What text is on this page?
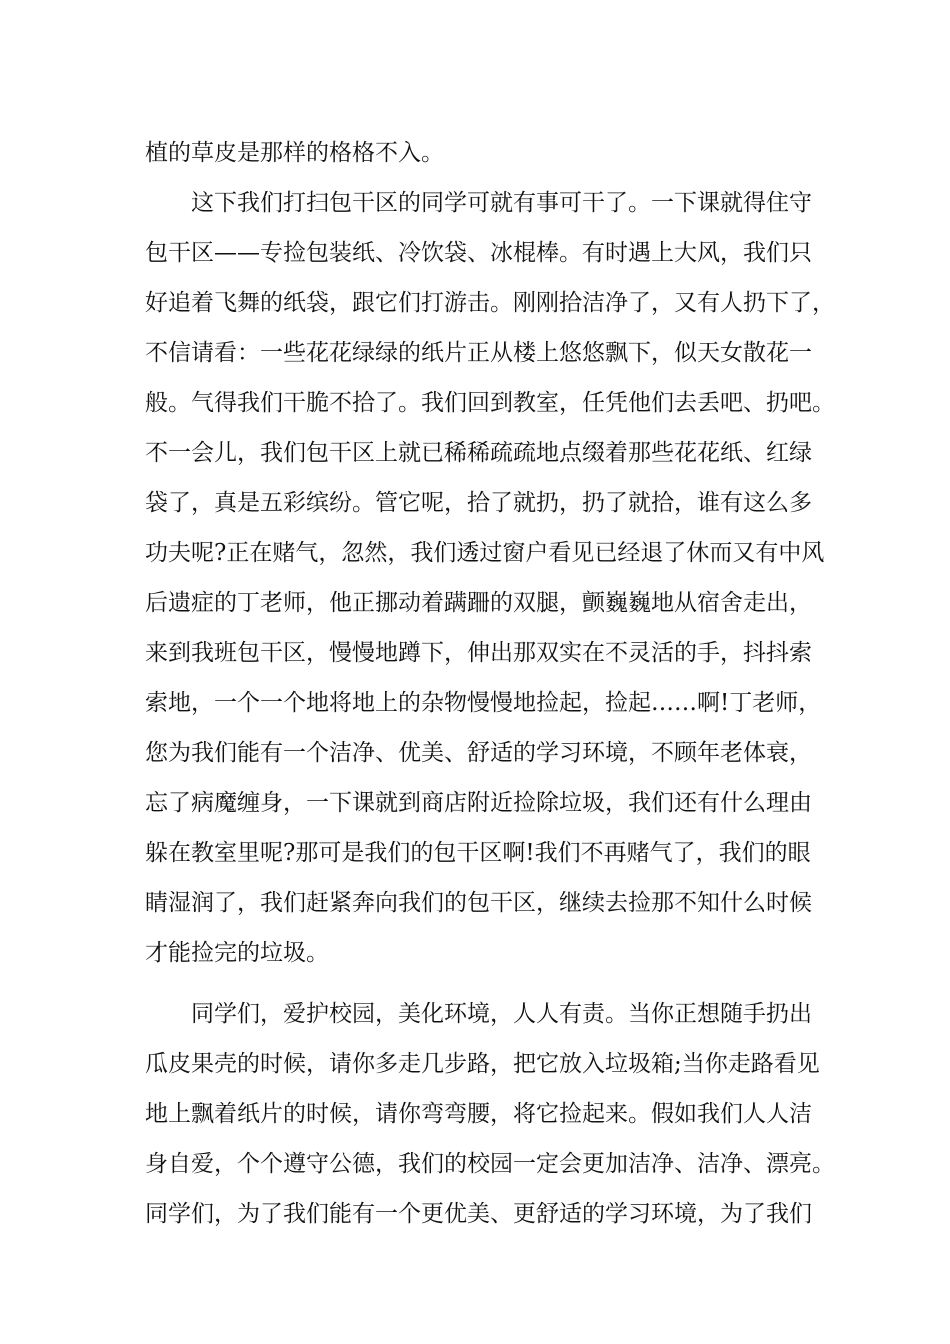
植的草皮是那样的格格不入。
这下我们打扫包干区的同学可就有事可干了。一下课就得住守
包干区——专捡包装纸、冷饮袋、冰棍棒。有时遇上大风，我们只
好追着飞舞的纸袋，跟它们打游击。刚刚拾洁净了，又有人扔下了，
不信请看：一些花花绿绿的纸片正从楼上悠悠飘下，似天女散花一
般。气得我们干脆不拾了。我们回到教室，任凭他们去丢吧、扔吧。
不一会儿，我们包干区上就已稀稀疏疏地点缀着那些花花纸、红绿
袋了，真是五彩缤纷。管它呢，拾了就扔，扔了就拾，谁有这么多
功夫呢?正在赌气，忽然，我们透过窗户看见已经退了休而又有中风
后遗症的丁老师，他正挪动着蹒跚的双腿，颤巍巍地从宿舍走出，
来到我班包干区，慢慢地蹲下，伸出那双实在不灵活的手，抖抖索
索地，一个一个地将地上的杂物慢慢地捡起，捡起……啊!丁老师，
您为我们能有一个洁净、优美、舒适的学习环境，不顾年老体衰，
忘了病魔缠身，一下课就到商店附近捡除垃圾，我们还有什么理由
躲在教室里呢?那可是我们的包干区啊!我们不再赌气了，我们的眼
睛湿润了，我们赶紧奔向我们的包干区，继续去捡那不知什么时候
才能捡完的垃圾。
同学们，爱护校园，美化环境，人人有责。当你正想随手扔出
瓜皮果壳的时候，请你多走几步路，把它放入垃圾箱;当你走路看见
地上飘着纸片的时候，请你弯弯腰，将它捡起来。假如我们人人洁
身自爱，个个遵守公德，我们的校园一定会更加洁净、洁净、漂亮。
同学们，为了我们能有一个更优美、更舒适的学习环境，为了我们
